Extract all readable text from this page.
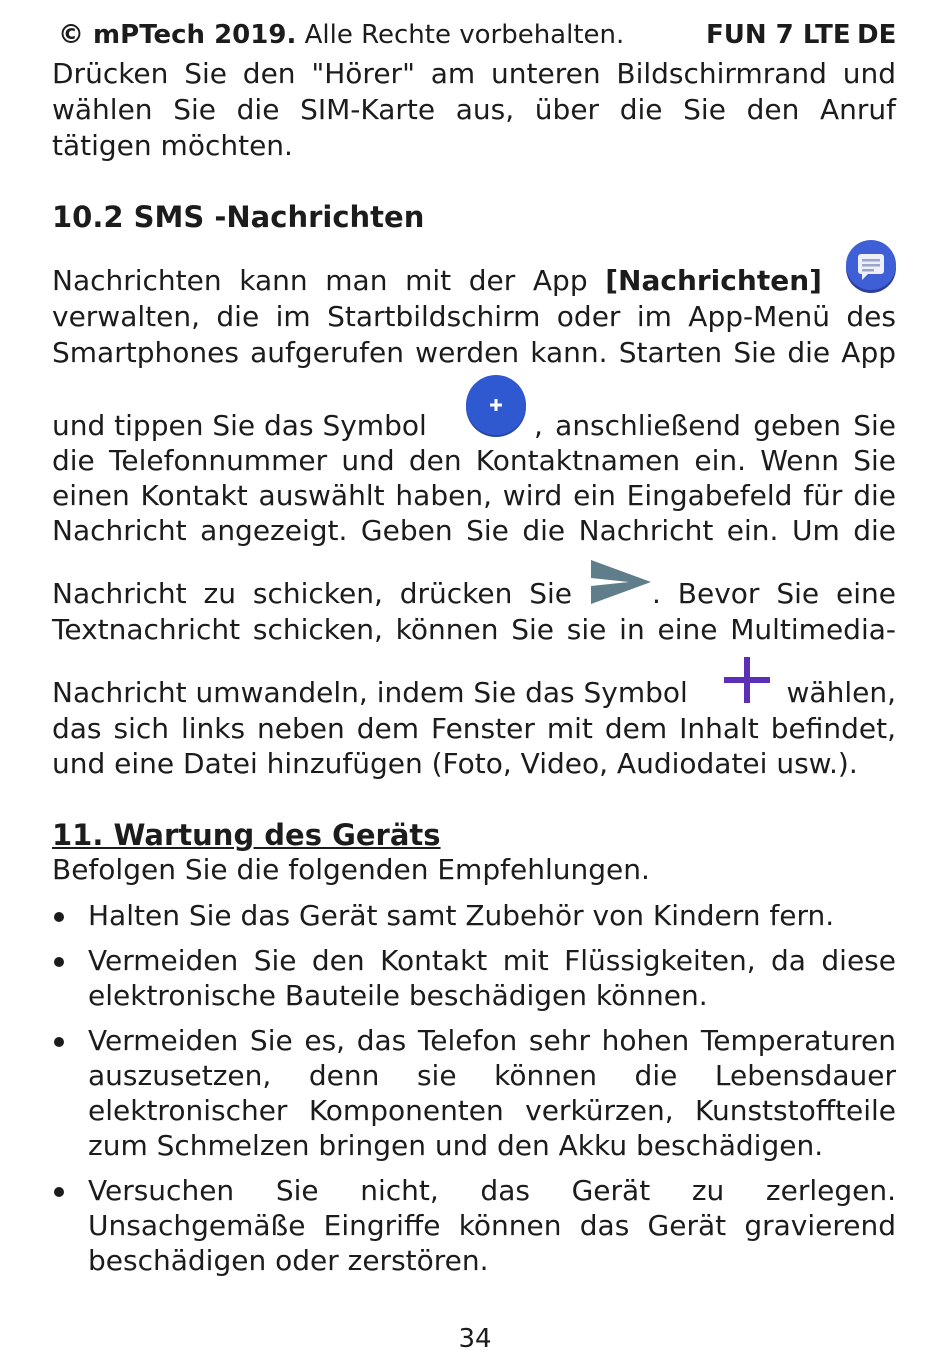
© mPTech 2019. Alle Rechte vorbehalten.	FUN 7 LTE DE

Drücken Sie den "Hörer" am unteren Bildschirmrand und wählen Sie die SIM-Karte aus, über die Sie den Anruf tätigen möchten.

10.2 SMS -Nachrichten
Nachrichten kann man mit der App [Nachrichten]
verwalten, die im Startbildschirm oder im App-Menü des
Smartphones aufgerufen werden kann. Starten Sie die App
und tippen Sie das Symbol	, anschließend geben Sie
die Telefonnummer und den Kontaktnamen ein. Wenn Sie
einen Kontakt auswählt haben, wird ein Eingabefeld für die
Nachricht angezeigt. Geben Sie die Nachricht ein. Um die
Nachricht zu schicken, drücken Sie	. Bevor Sie eine
Textnachricht schicken, können Sie sie in eine Multimedia-
Nachricht umwandeln, indem Sie das Symbol	wählen,
das sich links neben dem Fenster mit dem Inhalt befindet,
und eine Datei hinzufügen (Foto, Video, Audiodatei usw.).
11. Wartung des Geräts
Befolgen Sie die folgenden Empfehlungen.
Halten Sie das Gerät samt Zubehör von Kindern fern.
Vermeiden Sie den Kontakt mit Flüssigkeiten, da diese elektronische Bauteile beschädigen können.
Vermeiden Sie es, das Telefon sehr hohen Temperaturen auszusetzen, denn sie können die Lebensdauer elektronischer Komponenten verkürzen, Kunststoffteile zum Schmelzen bringen und den Akku beschädigen.
Versuchen Sie nicht, das Gerät zu zerlegen. Unsachgemäße Eingriffe können das Gerät gravierend beschädigen oder zerstören.
34
